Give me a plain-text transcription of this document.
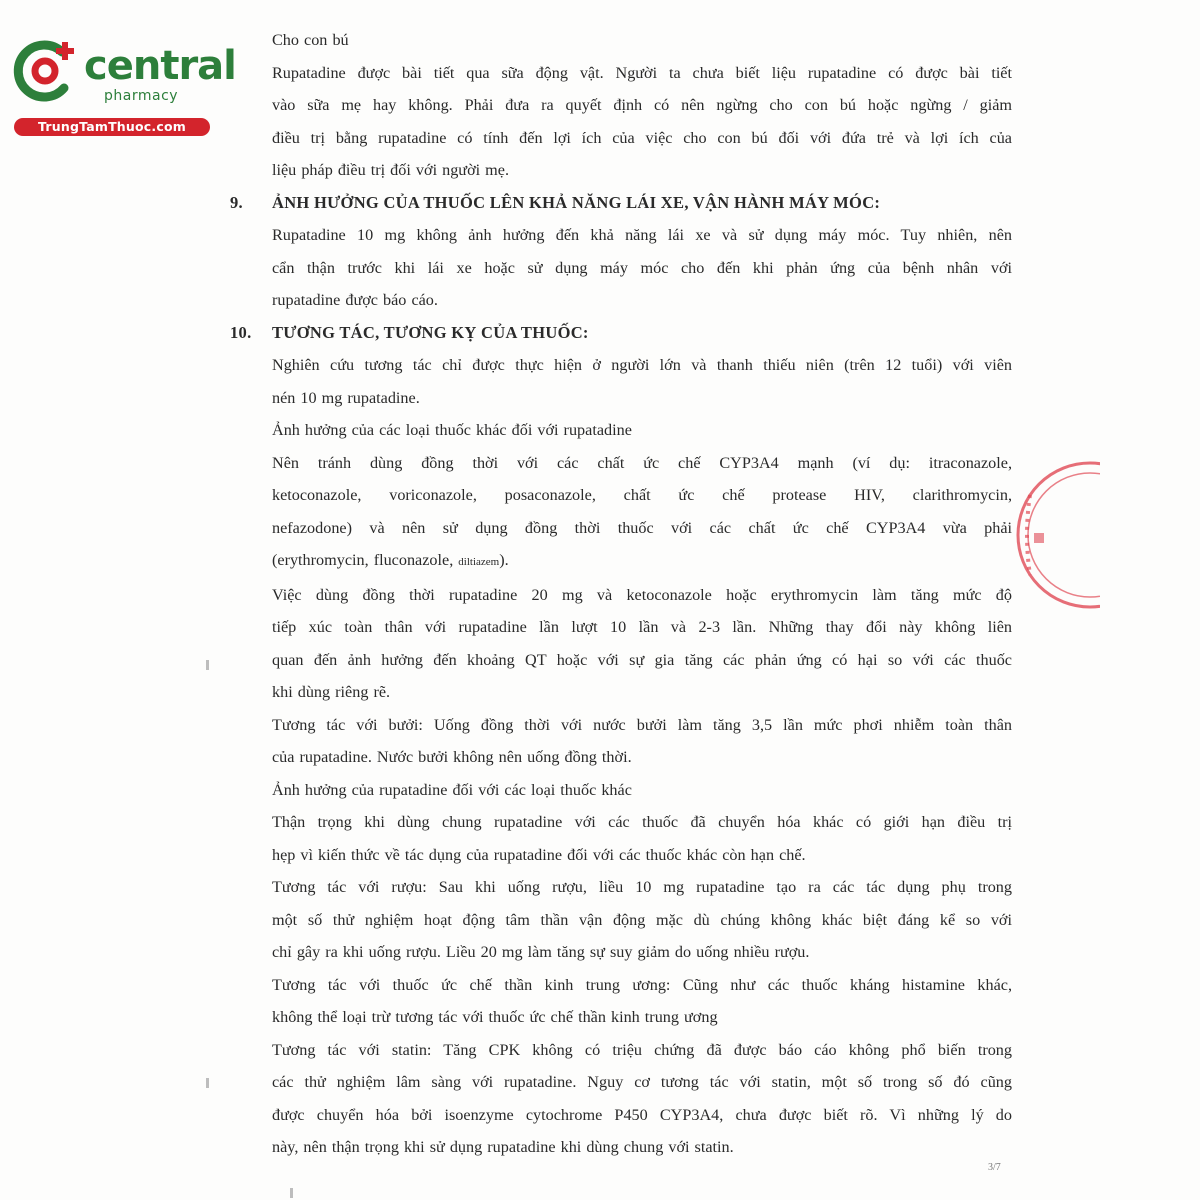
central
pharmacy
TrungTamThuoc.com

Cho con bú

Rupatadine được bài tiết qua sữa động vật. Người ta chưa biết liệu rupatadine có được bài tiết

vào sữa mẹ hay không. Phải đưa ra quyết định có nên ngừng cho con bú hoặc ngừng / giảm

điều trị bằng rupatadine có tính đến lợi ích của việc cho con bú đối với đứa trẻ và lợi ích của

liệu pháp điều trị đối với người mẹ.

9. ẢNH HƯỞNG CỦA THUỐC LÊN KHẢ NĂNG LÁI XE, VẬN HÀNH MÁY MÓC:

Rupatadine 10 mg không ảnh hưởng đến khả năng lái xe và sử dụng máy móc. Tuy nhiên, nên

cẩn thận trước khi lái xe hoặc sử dụng máy móc cho đến khi phản ứng của bệnh nhân với

rupatadine được báo cáo.

10. TƯƠNG TÁC, TƯƠNG KỴ CỦA THUỐC:

Nghiên cứu tương tác chỉ được thực hiện ở người lớn và thanh thiếu niên (trên 12 tuổi) với viên

nén 10 mg rupatadine.

Ảnh hưởng của các loại thuốc khác đối với rupatadine

Nên tránh dùng đồng thời với các chất ức chế CYP3A4 mạnh (ví dụ: itraconazole,

ketoconazole, voriconazole, posaconazole, chất ức chế protease HIV, clarithromycin,

nefazodone) và nên sử dụng đồng thời thuốc với các chất ức chế CYP3A4 vừa phải

(erythromycin, fluconazole, diltiazem).

Việc dùng đồng thời rupatadine 20 mg và ketoconazole hoặc erythromycin làm tăng mức độ

tiếp xúc toàn thân với rupatadine lần lượt 10 lần và 2-3 lần. Những thay đổi này không liên

quan đến ảnh hưởng đến khoảng QT hoặc với sự gia tăng các phản ứng có hại so với các thuốc

khi dùng riêng rẽ.

Tương tác với bưởi: Uống đồng thời với nước bưởi làm tăng 3,5 lần mức phơi nhiễm toàn thân

của rupatadine. Nước bưởi không nên uống đồng thời.

Ảnh hưởng của rupatadine đối với các loại thuốc khác

Thận trọng khi dùng chung rupatadine với các thuốc đã chuyển hóa khác có giới hạn điều trị

hẹp vì kiến thức về tác dụng của rupatadine đối với các thuốc khác còn hạn chế.

Tương tác với rượu: Sau khi uống rượu, liều 10 mg rupatadine tạo ra các tác dụng phụ trong

một số thử nghiệm hoạt động tâm thần vận động mặc dù chúng không khác biệt đáng kể so với

chỉ gây ra khi uống rượu. Liều 20 mg làm tăng sự suy giảm do uống nhiều rượu.

Tương tác với thuốc ức chế thần kinh trung ương: Cũng như các thuốc kháng histamine khác,

không thể loại trừ tương tác với thuốc ức chế thần kinh trung ương

Tương tác với statin: Tăng CPK không có triệu chứng đã được báo cáo không phổ biến trong

các thử nghiệm lâm sàng với rupatadine. Nguy cơ tương tác với statin, một số trong số đó cũng

được chuyển hóa bởi isoenzyme cytochrome P450 CYP3A4, chưa được biết rõ. Vì những lý do

này, nên thận trọng khi sử dụng rupatadine khi dùng chung với statin.

3/7
